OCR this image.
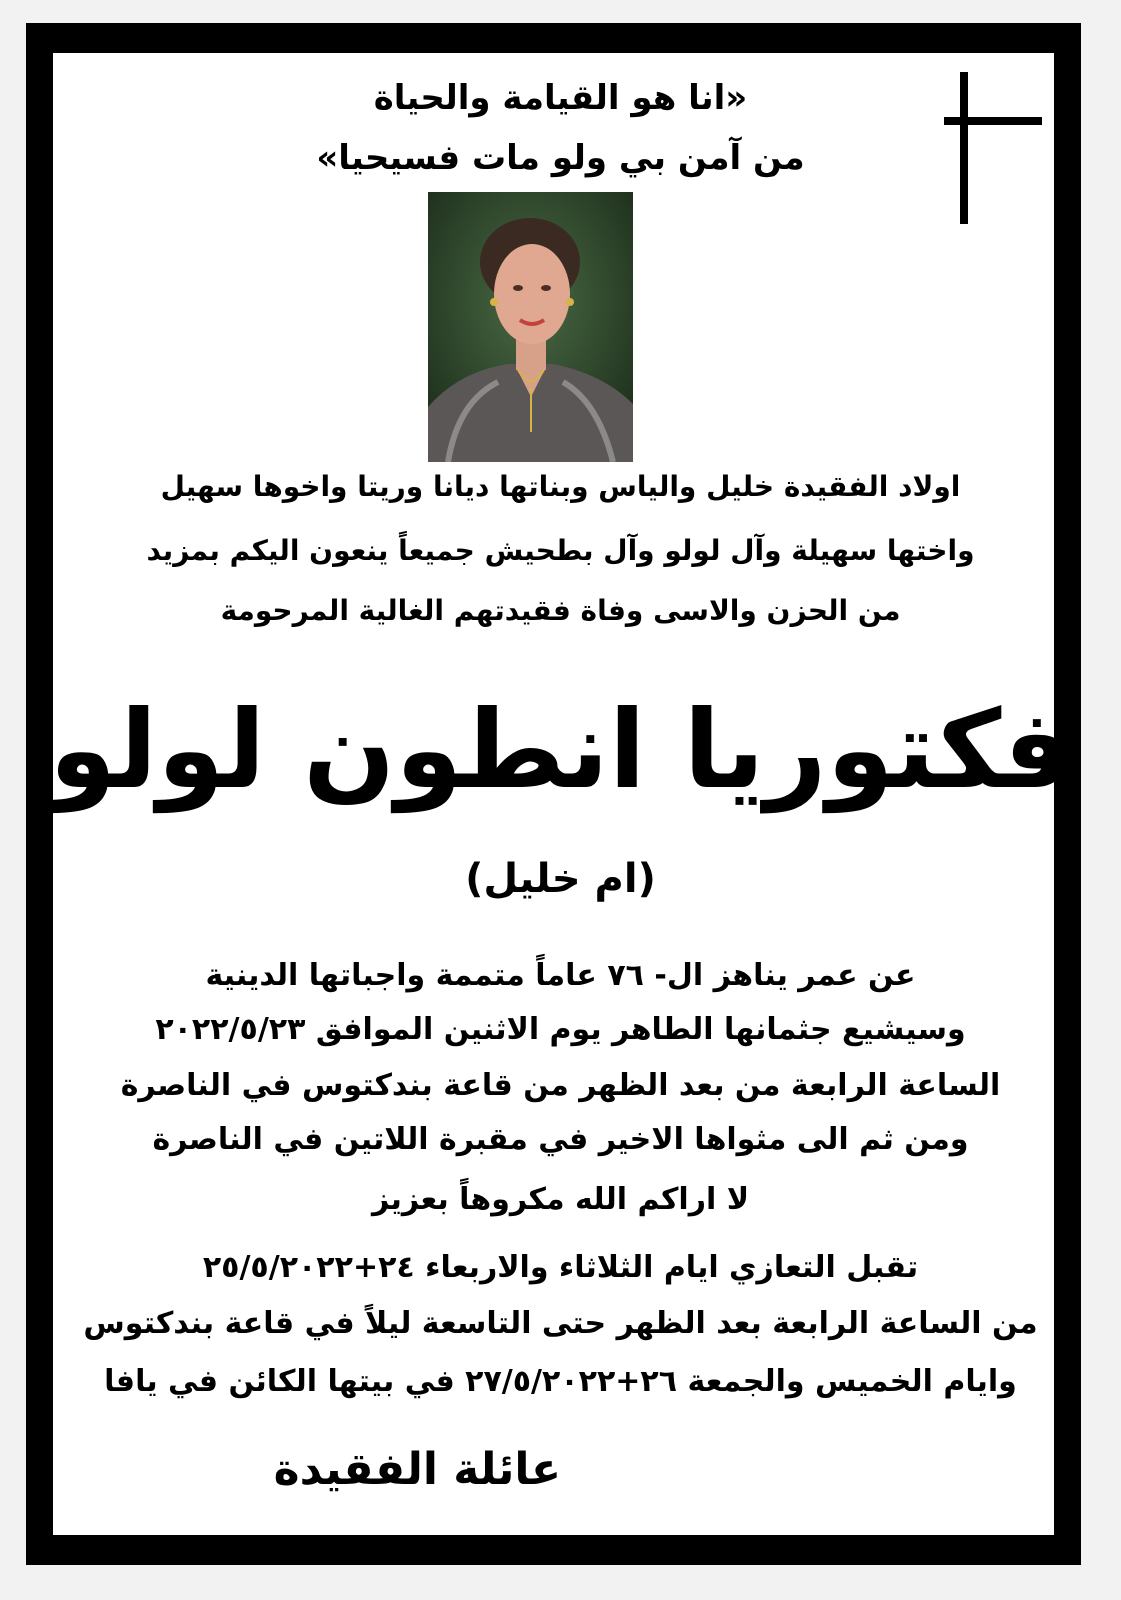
«انا هو القيامة والحياة
من آمن بي ولو مات فسيحيا»
اولاد الفقيدة خليل والياس وبناتها ديانا وريتا واخوها سهيل
واختها سهيلة وآل لولو وآل بطحيش جميعاً ينعون اليكم بمزيد
من الحزن والاسى وفاة فقيدتهم الغالية المرحومة
فكتوريا انطون لولو
(ام خليل)
عن عمر يناهز ال- ٧٦ عاماً متممة واجباتها الدينية
وسيشيع جثمانها الطاهر يوم الاثنين الموافق ٢٠٢٢/٥/٢٣
الساعة الرابعة من بعد الظهر من قاعة بندكتوس في الناصرة
ومن ثم الى مثواها الاخير في مقبرة اللاتين في الناصرة
لا اراكم الله مكروهاً بعزيز
تقبل التعازي ايام الثلاثاء والاربعاء ٢٤+٢٥/٥/٢٠٢٢
من الساعة الرابعة بعد الظهر حتى التاسعة ليلاً في قاعة بندكتوس
وايام الخميس والجمعة ٢٦+٢٧/٥/٢٠٢٢ في بيتها الكائن في يافا
عائلة الفقيدة
